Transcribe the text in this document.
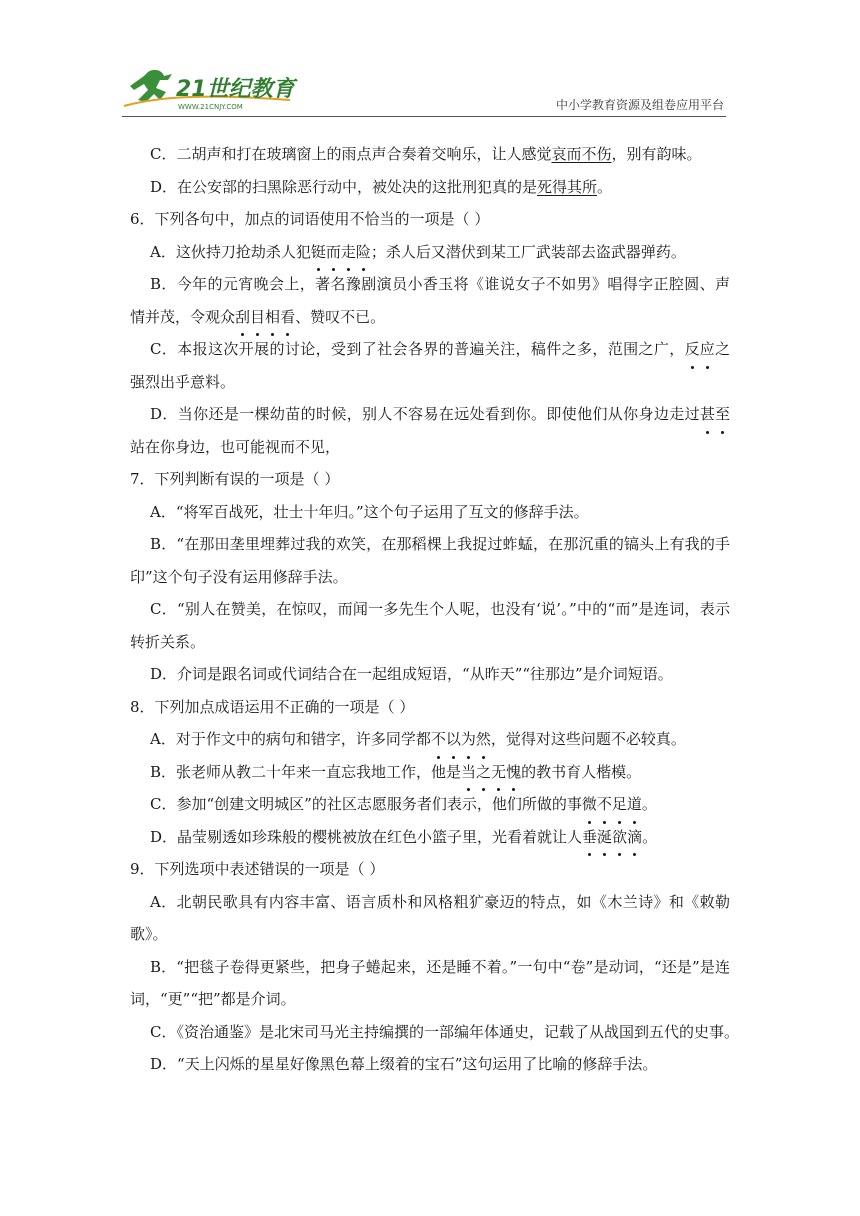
21世纪教育
WWW.21CNJY.COM	中小学教育资源及组卷应用平台
C．二胡声和打在玻璃窗上的雨点声合奏着交响乐，让人感觉哀而不伤，别有韵味。
D．在公安部的扫黑除恶行动中，被处决的这批刑犯真的是死得其所。
6．下列各句中，加点的词语使用不恰当的一项是（ ）
A．这伙持刀抢劫杀人犯铤而走险；杀人后又潜伏到某工厂武装部去盗武器弹药。
B．今年的元宵晚会上，著名豫剧演员小香玉将《谁说女子不如男》唱得字正腔圆、声
情并茂，令观众刮目相看、赞叹不已。
C．本报这次开展的讨论，受到了社会各界的普遍关注，稿件之多，范围之广，反应之
强烈出乎意料。
D．当你还是一棵幼苗的时候，别人不容易在远处看到你。即使他们从你身边走过甚至
站在你身边，也可能视而不见，
7．下列判断有误的一项是（ ）
A．“将军百战死，壮士十年归。”这个句子运用了互文的修辞手法。
B．“在那田垄里埋葬过我的欢笑，在那稻棵上我捉过蚱蜢，在那沉重的镐头上有我的手
印”这个句子没有运用修辞手法。
C．“别人在赞美，在惊叹，而闻一多先生个人呢，也没有‘说’。”中的“而”是连词，表示
转折关系。
D．介词是跟名词或代词结合在一起组成短语，“从昨天”“往那边”是介词短语。
8．下列加点成语运用不正确的一项是（ ）
A．对于作文中的病句和错字，许多同学都不以为然，觉得对这些问题不必较真。
B．张老师从教二十年来一直忘我地工作，他是当之无愧的教书育人楷模。
C．参加“创建文明城区”的社区志愿服务者们表示，他们所做的事微不足道。
D．晶莹剔透如珍珠般的樱桃被放在红色小篮子里，光看着就让人垂涎欲滴。
9．下列选项中表述错误的一项是（ ）
A．北朝民歌具有内容丰富、语言质朴和风格粗犷豪迈的特点，如《木兰诗》和《敕勒
歌》。
B．“把毯子卷得更紧些，把身子蜷起来，还是睡不着。”一句中“卷”是动词，“还是”是连
词，“更”“把”都是介词。
C．《资治通鉴》是北宋司马光主持编撰的一部编年体通史，记载了从战国到五代的史事。
D．“天上闪烁的星星好像黑色幕上缀着的宝石”这句运用了比喻的修辞手法。
